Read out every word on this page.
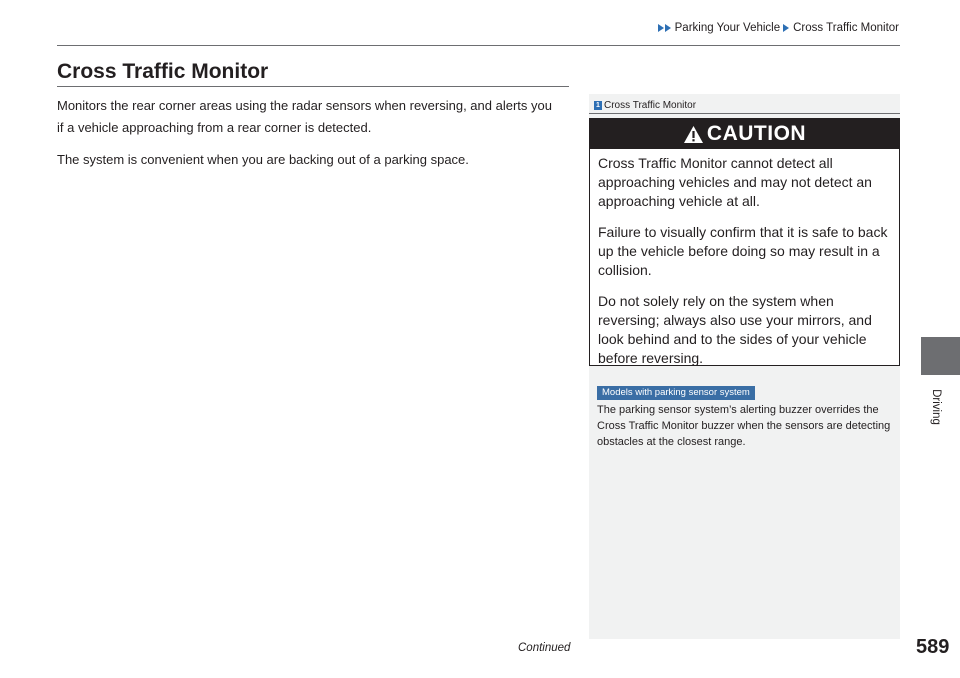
Parking Your Vehicle Cross Traffic Monitor
Cross Traffic Monitor

Monitors the rear corner areas using the radar sensors when reversing, and alerts you if a vehicle approaching from a rear corner is detected.

The system is convenient when you are backing out of a parking space.

1 Cross Traffic Monitor
CAUTION

Cross Traffic Monitor cannot detect all approaching vehicles and may not detect an approaching vehicle at all.

Failure to visually confirm that it is safe to back up the vehicle before doing so may result in a collision.

Do not solely rely on the system when reversing; always also use your mirrors, and look behind and to the sides of your vehicle before reversing.

Models with parking sensor system

The parking sensor system’s alerting buzzer overrides the Cross Traffic Monitor buzzer when the sensors are detecting obstacles at the closest range.

Driving
Continued	589
